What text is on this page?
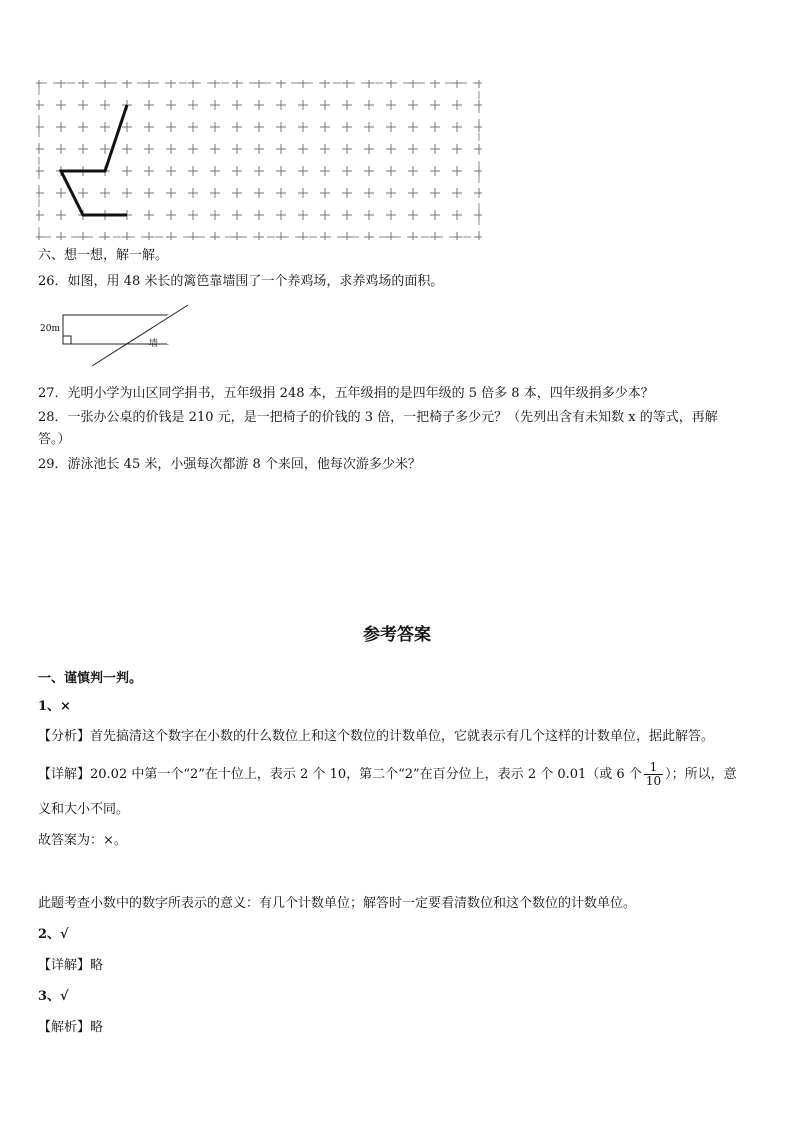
六、想一想，解一解。
26．如图，用 48 米长的篱笆靠墙围了一个养鸡场，求养鸡场的面积。
20m
墙
27．光明小学为山区同学捐书，五年级捐 248 本，五年级捐的是四年级的 5 倍多 8 本，四年级捐多少本？
28．一张办公桌的价钱是 210 元，是一把椅子的价钱的 3 倍，一把椅子多少元？（先列出含有未知数 x 的等式，再解
答。）
29．游泳池长 45 米，小强每次都游 8 个来回，他每次游多少米？
参考答案
一、谨慎判一判。
1、×
【分析】首先搞清这个数字在小数的什么数位上和这个数位的计数单位，它就表示有几个这样的计数单位，据此解答。
【详解】20.02 中第一个“2”在十位上，表示 2 个 10，第二个“2”在百分位上，表示 2 个 0.01（或 6 个 $\frac{1}{10}$ ）；所以，意
义和大小不同。
故答案为：×。
此题考查小数中的数字所表示的意义：有几个计数单位；解答时一定要看清数位和这个数位的计数单位。
2、√
【详解】略
3、√
【解析】略
